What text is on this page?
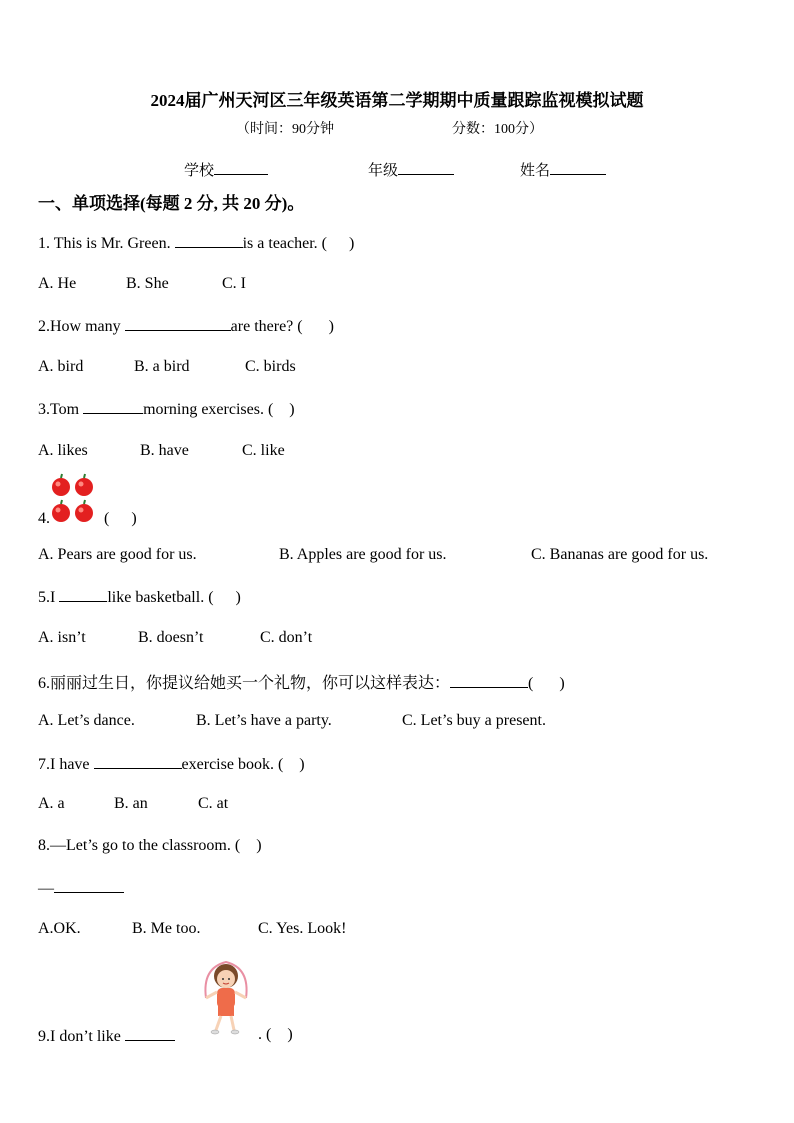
2024届广州天河区三年级英语第二学期期中质量跟踪监视模拟试题
（时间：90分钟	分数：100分）
学校	年级	姓名
一、单项选择(每题 2 分, 共 20 分)。
1. This is Mr. Green.	is a teacher. ( )
A. He	B. She	C. I
2.How many	are there? ( )
A. bird	B. a bird	C. birds
3.Tom	morning exercises. ( )
A. likes	B. have	C. like
4.	( )
A. Pears are good for us.	B. Apples are good for us.	C. Bananas are good for us.
5.I	like basketball. ( )
A. isn’t	B. doesn’t	C. don’t
6.丽丽过生日，你提议给她买一个礼物，你可以这样表达：	( )
A. Let’s dance.	B. Let’s have a party.	C. Let’s buy a present.
7.I have	exercise book. ( )
A. a	B. an	C. at
8.—Let’s go to the classroom. ( )
—
A.OK.	B. Me too.	C. Yes. Look!
9.I don’t like	. ( )
